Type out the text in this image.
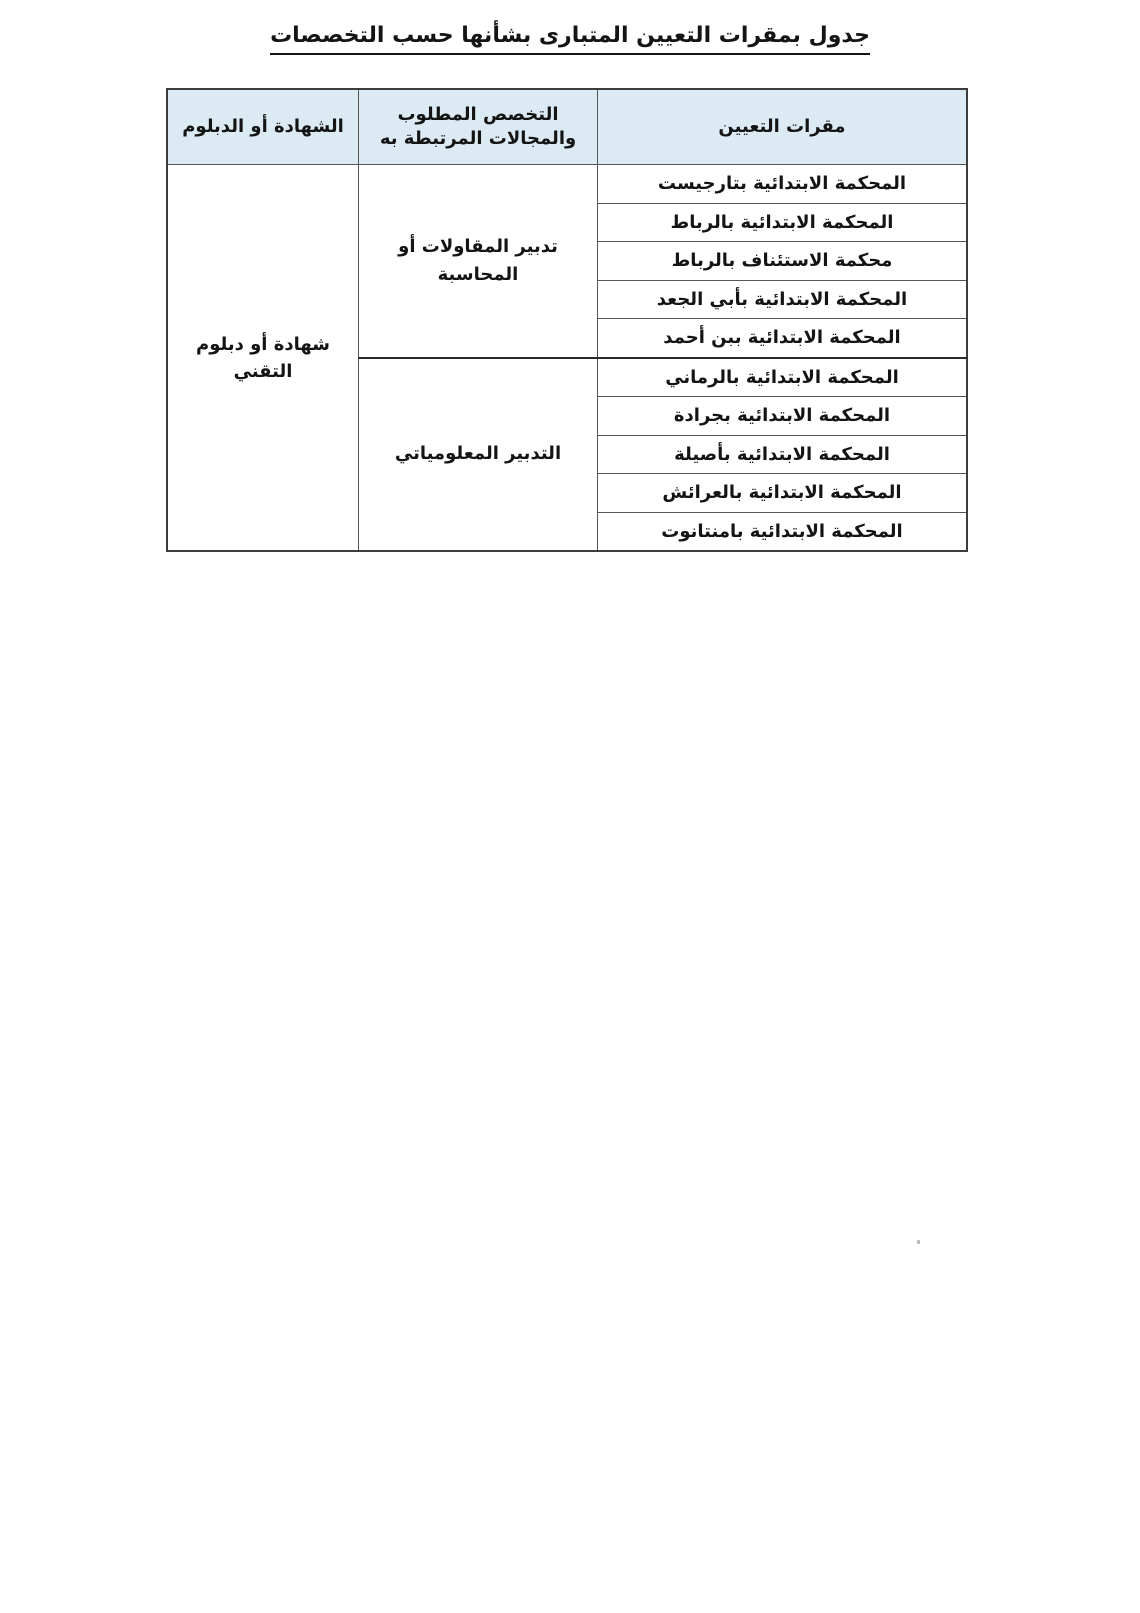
جدول بمقرات التعيين المتبارى بشأنها حسب التخصصات
مقرات التعيين	التخصص المطلوب والمجالات المرتبطة به	الشهادة أو الدبلوم
المحكمة الابتدائية بتارجيست	تدبير المقاولات أو المحاسبة	شهادة أو دبلوم التقني
المحكمة الابتدائية بالرباط		
محكمة الاستئناف بالرباط		
المحكمة الابتدائية بأبي الجعد		
المحكمة الابتدائية ببن أحمد		
المحكمة الابتدائية بالرماني	التدبير المعلومياتي	
المحكمة الابتدائية بجرادة		
المحكمة الابتدائية بأصيلة		
المحكمة الابتدائية بالعرائش		
المحكمة الابتدائية بامنتانوت		
